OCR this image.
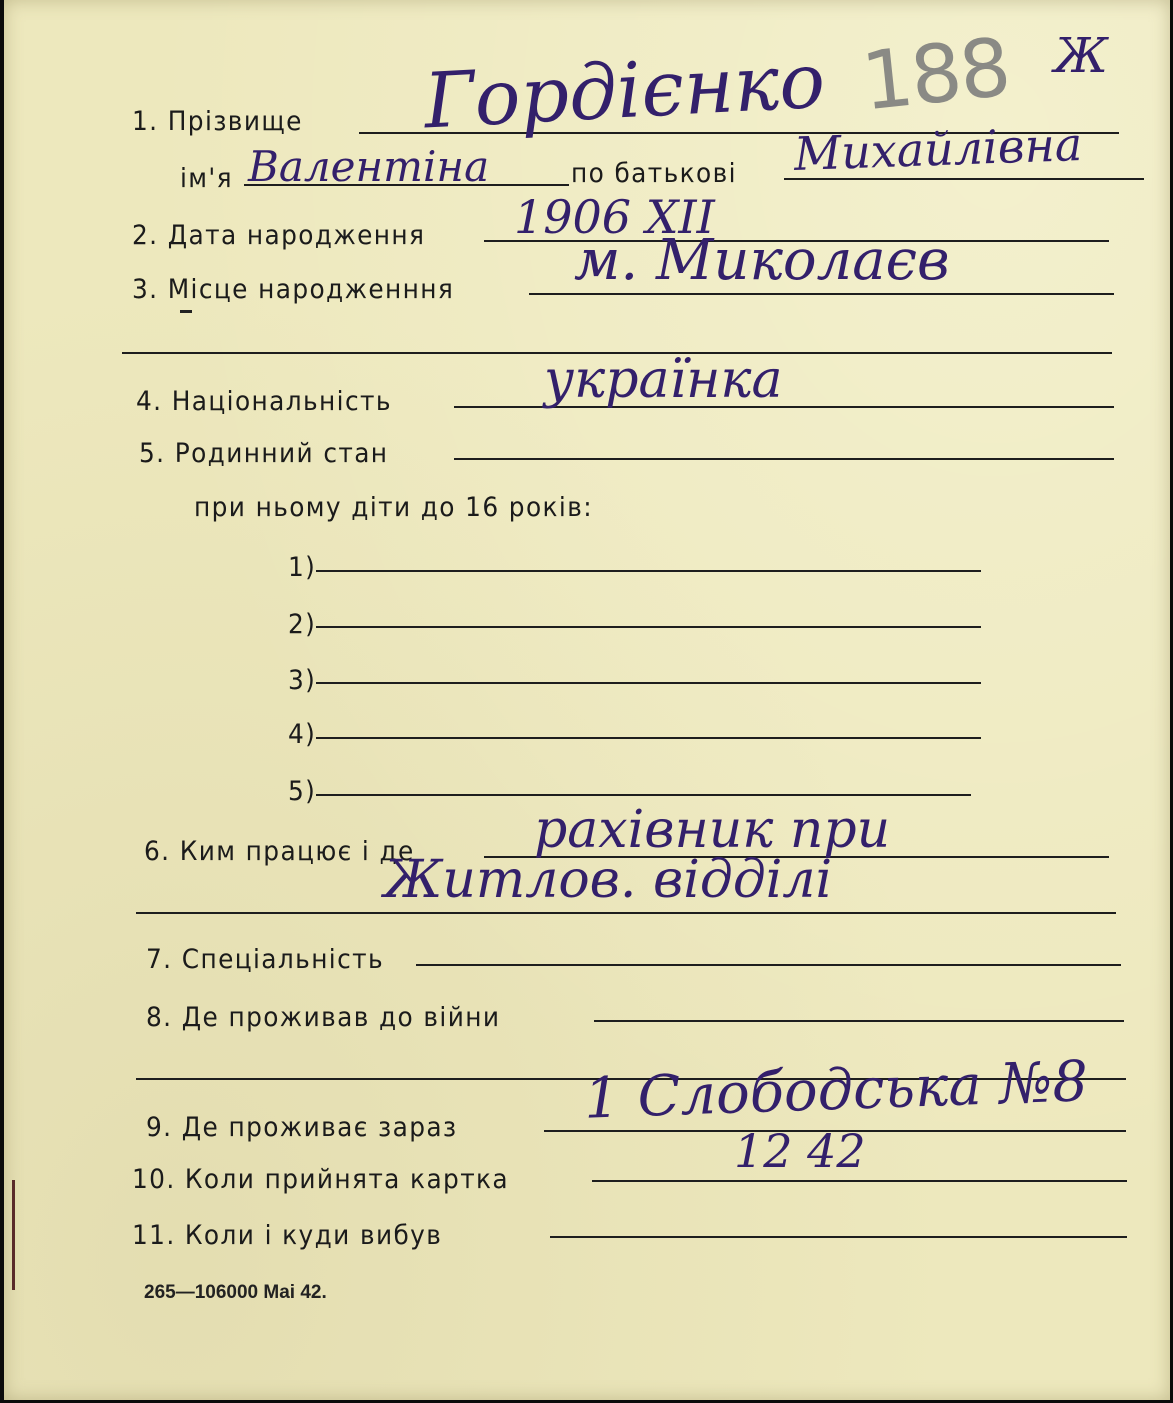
1. Прізвище
ім'я	по батькові
2. Дата народження
3. Місце народженння
4. Національність
5. Родинний стан
при ньому діти до 16 років:
1)
2)
3)
4)
5)
6. Ким працює і де
7. Спеціальність
8. Де проживав до війни
9. Де проживає зараз
10. Коли прийнята картка
11. Коли і куди вибув
265—106000 Mai 42.
Гордієнко 188 Ж
Валентіна	Михайлівна
1906 XII
м. Миколаєв
українка
рахівник при
Житлов. відділі
1 Слободська №8
12 42
